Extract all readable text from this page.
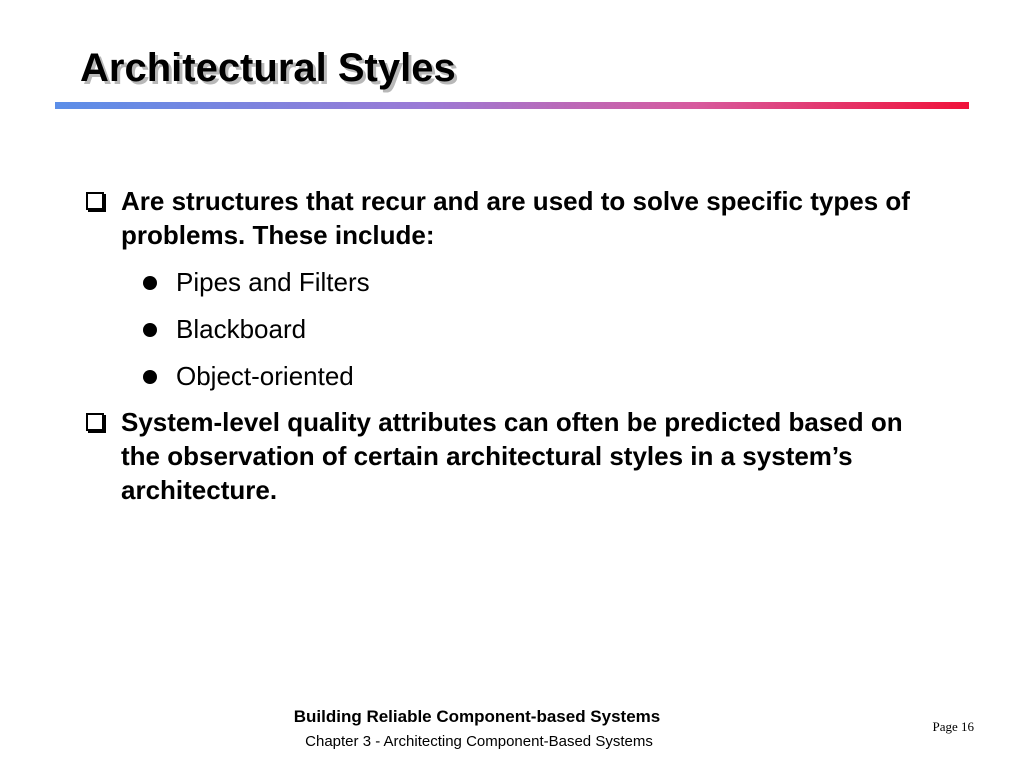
Architectural Styles

Are structures that recur and are used to solve specific types of problems. These include:

Pipes and Filters
Blackboard
Object-oriented

System-level quality attributes can often be predicted based on the observation of certain architectural styles in a system’s architecture.

Building Reliable Component-based Systems
Chapter 3 - Architecting Component-Based Systems
Page 16
